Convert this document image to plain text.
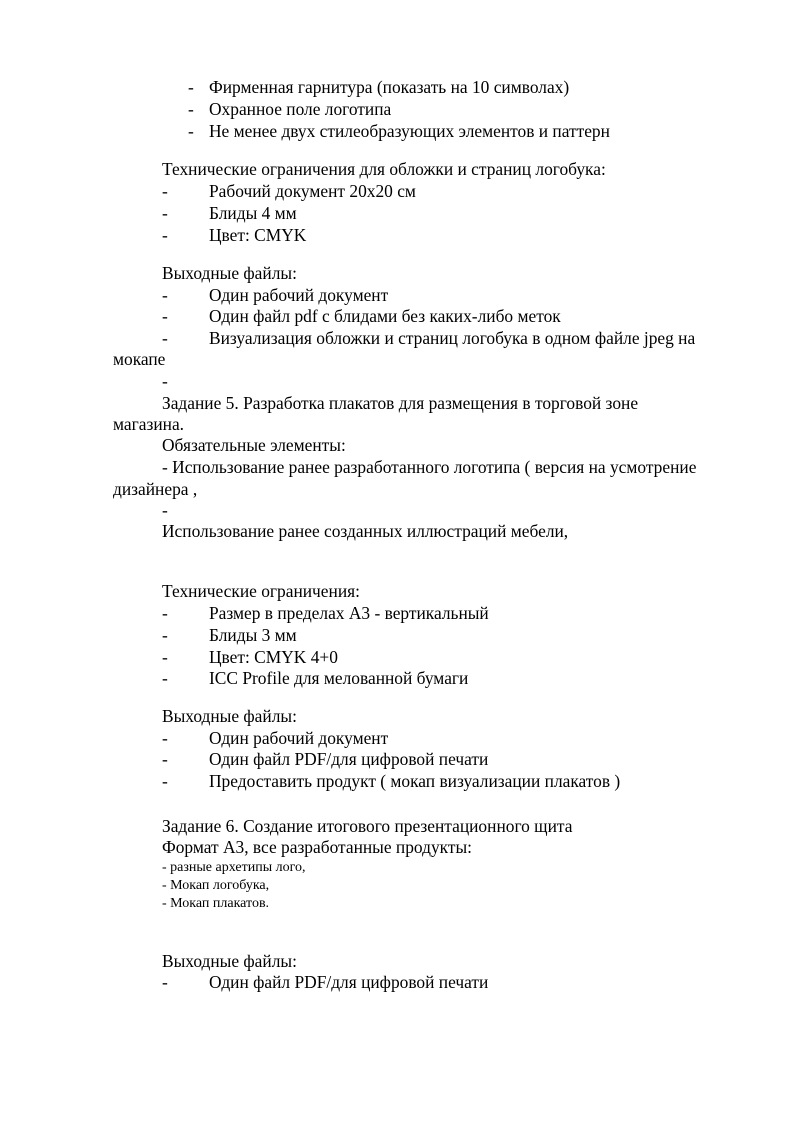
- Фирменная гарнитура (показать на 10 символах)
- Охранное поле логотипа
- Не менее двух стилеобразующих элементов и паттерн
Технические ограничения для обложки и страниц логобука:
- Рабочий документ 20х20 см
- Блиды 4 мм
- Цвет: CMYK
Выходные файлы:
- Один рабочий документ
- Один файл pdf с блидами без каких-либо меток
- Визуализация обложки и страниц логобука в одном файле jpeg на
мокапе
-
Задание 5. Разработка плакатов для размещения в торговой зоне
магазина.
Обязательные элементы:
- Использование ранее разработанного логотипа ( версия на усмотрение
дизайнера ,
-
Использование ранее созданных иллюстраций мебели,
Технические ограничения:
- Размер в пределах А3 - вертикальный
- Блиды 3 мм
- Цвет: CMYK 4+0
- ICC Profile для мелованной бумаги
Выходные файлы:
- Один рабочий документ
- Один файл PDF/для цифровой печати
- Предоставить продукт ( мокап визуализации плакатов )
Задание 6. Создание итогового презентационного щита
Формат А3, все разработанные продукты:
- разные архетипы лого,
- Мокап логобука,
- Мокап плакатов.
Выходные файлы:
- Один файл PDF/для цифровой печати
